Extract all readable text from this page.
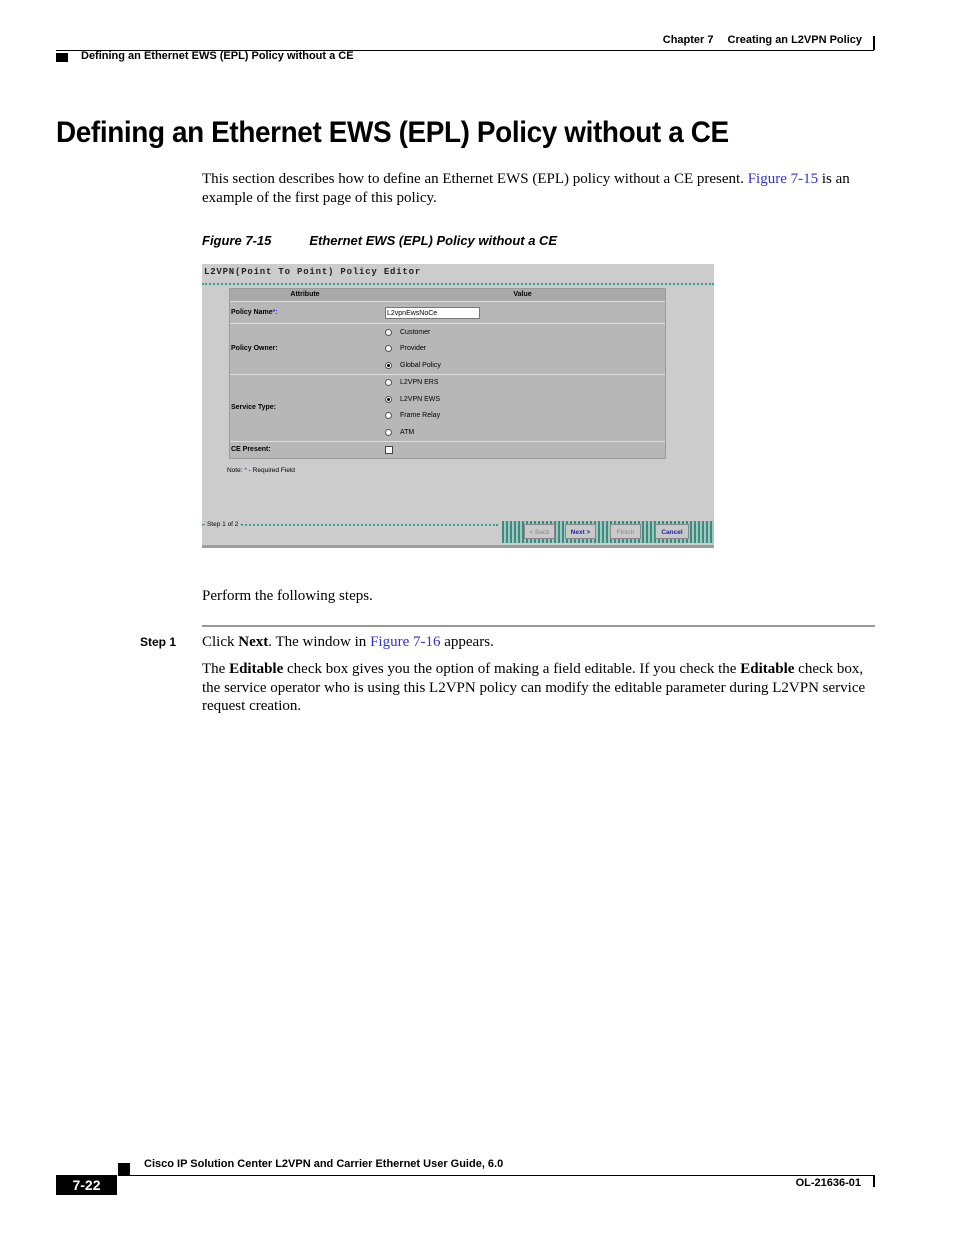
Chapter 7 Creating an L2VPN Policy
Defining an Ethernet EWS (EPL) Policy without a CE
Defining an Ethernet EWS (EPL) Policy without a CE
This section describes how to define an Ethernet EWS (EPL) policy without a CE present. Figure 7-15 is an example of the first page of this policy.
Figure 7-15	Ethernet EWS (EPL) Policy without a CE
L2VPN(Point To Point) Policy Editor
Attribute	Value
Policy Name *:	L2vpnEwsNoCe
Policy Owner:
Customer
Provider
Global Policy
Service Type:
L2VPN ERS
L2VPN EWS
Frame Relay
ATM
CE Present:
Note: * - Required Field
- Step 1 of 2 -
< Back	Next >	Finish	Cancel
Perform the following steps.
Step 1 Click Next. The window in Figure 7-16 appears.
The Editable check box gives you the option of making a field editable. If you check the Editable check box, the service operator who is using this L2VPN policy can modify the editable parameter during L2VPN service request creation.
Cisco IP Solution Center L2VPN and Carrier Ethernet User Guide, 6.0
7-22	OL-21636-01
